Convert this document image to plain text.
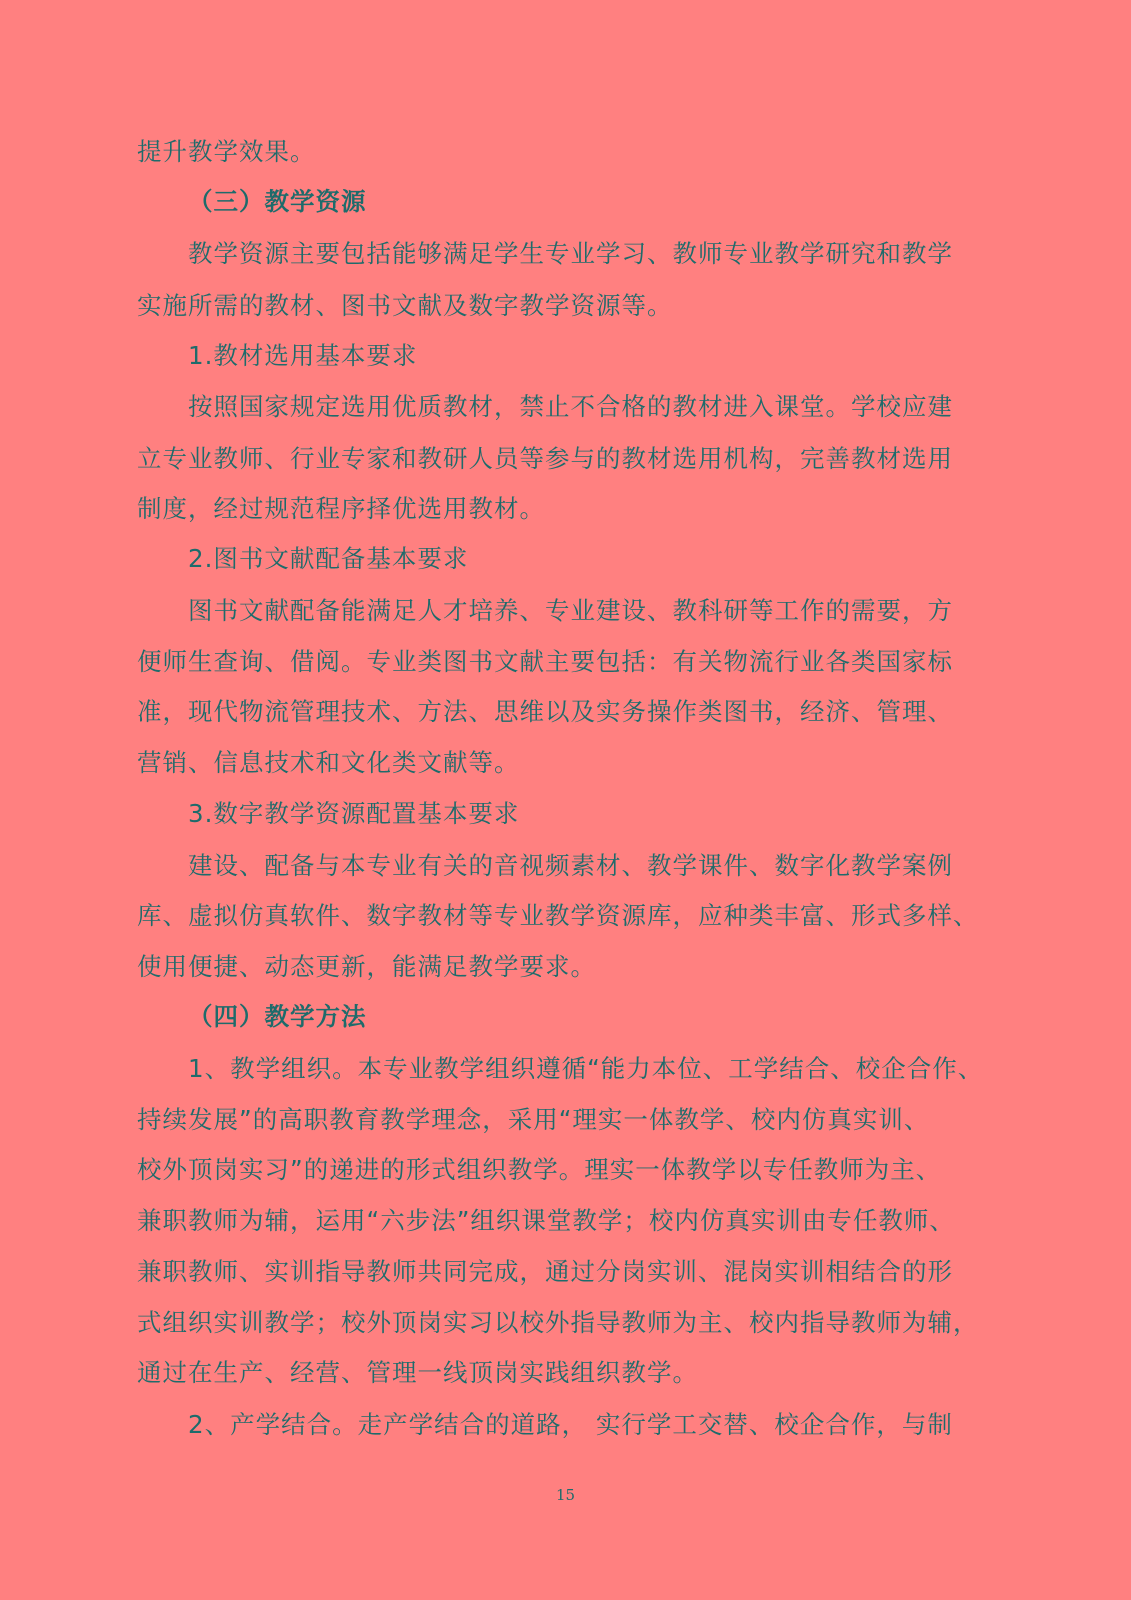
提升教学效果。
（三）教学资源
教学资源主要包括能够满足学生专业学习、教师专业教学研究和教学
实施所需的教材、图书文献及数字教学资源等。
1.教材选用基本要求
按照国家规定选用优质教材，禁止不合格的教材进入课堂。学校应建
立专业教师、行业专家和教研人员等参与的教材选用机构，完善教材选用
制度，经过规范程序择优选用教材。
2.图书文献配备基本要求
图书文献配备能满足人才培养、专业建设、教科研等工作的需要，方
便师生查询、借阅。专业类图书文献主要包括：有关物流行业各类国家标
准，现代物流管理技术、方法、思维以及实务操作类图书，经济、管理、
营销、信息技术和文化类文献等。
3.数字教学资源配置基本要求
建设、配备与本专业有关的音视频素材、教学课件、数字化教学案例
库、虚拟仿真软件、数字教材等专业教学资源库，应种类丰富、形式多样、
使用便捷、动态更新，能满足教学要求。
（四）教学方法
1、教学组织。本专业教学组织遵循“能力本位、工学结合、校企合作、
持续发展”的高职教育教学理念，采用“理实一体教学、校内仿真实训、
校外顶岗实习”的递进的形式组织教学。理实一体教学以专任教师为主、
兼职教师为辅，运用“六步法”组织课堂教学；校内仿真实训由专任教师、
兼职教师、实训指导教师共同完成，通过分岗实训、混岗实训相结合的形
式组织实训教学；校外顶岗实习以校外指导教师为主、校内指导教师为辅，
通过在生产、经营、管理一线顶岗实践组织教学。
2、产学结合。走产学结合的道路， 实行学工交替、校企合作，与制
15
